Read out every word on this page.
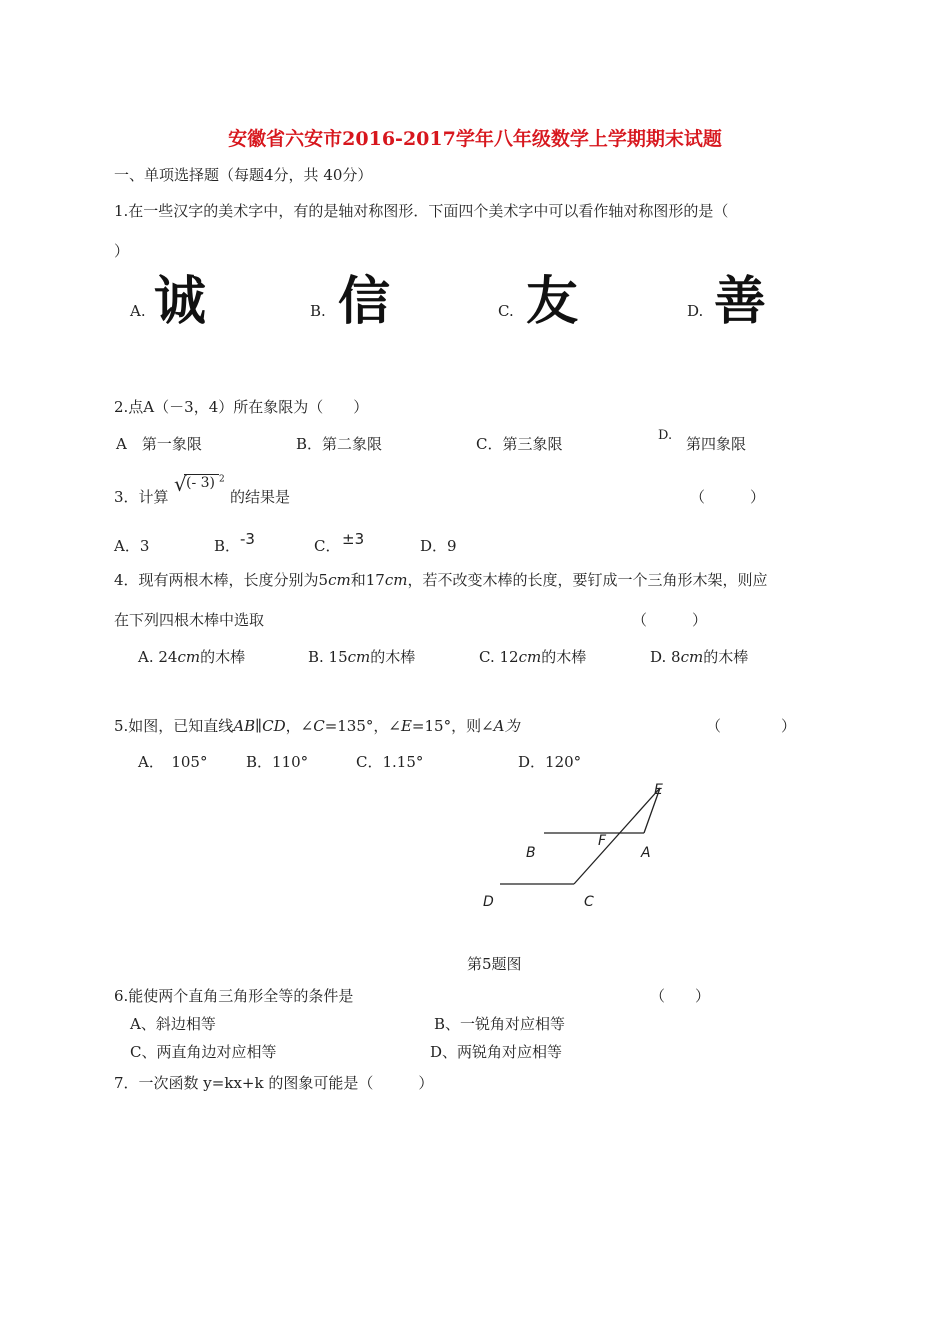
安徽省六安市2016-2017学年八年级数学上学期期末试题
一、单项选择题（每题4分，共 40分）
1.在一些汉字的美术字中，有的是轴对称图形．下面四个美术字中可以看作轴对称图形的是（
）
A. 诚	B. 信	C. 友	D. 善
2.点A（－3，4）所在象限为（　　）
A　第一象限	B．第二象限	C．第三象限	D. 第四象限
3．计算
√ (- 3) $^2$
的结果是	（　　　）
A．3	B． -3	C． ±3	D．9
4．现有两根木棒，长度分别为5cm和17cm，若不改变木棒的长度，要钉成一个三角形木架，则应
在下列四根木棒中选取	（　　　）
A. 24cm的木棒	B. 15cm的木棒	C. 12cm的木棒	D. 8cm的木棒
5.如图，已知直线AB∥CD，∠C=135°，∠E=15°，则∠A为	（　　　　）
A．　105°	B．110°	C．1.15°	D．120°
E
F
B	A
D	C
第5题图
6.能使两个直角三角形全等的条件是	（　　）
A、斜边相等	B、一锐角对应相等
C、两直角边对应相等	D、两锐角对应相等
7．一次函数 y=kx+k 的图象可能是（　　　）
